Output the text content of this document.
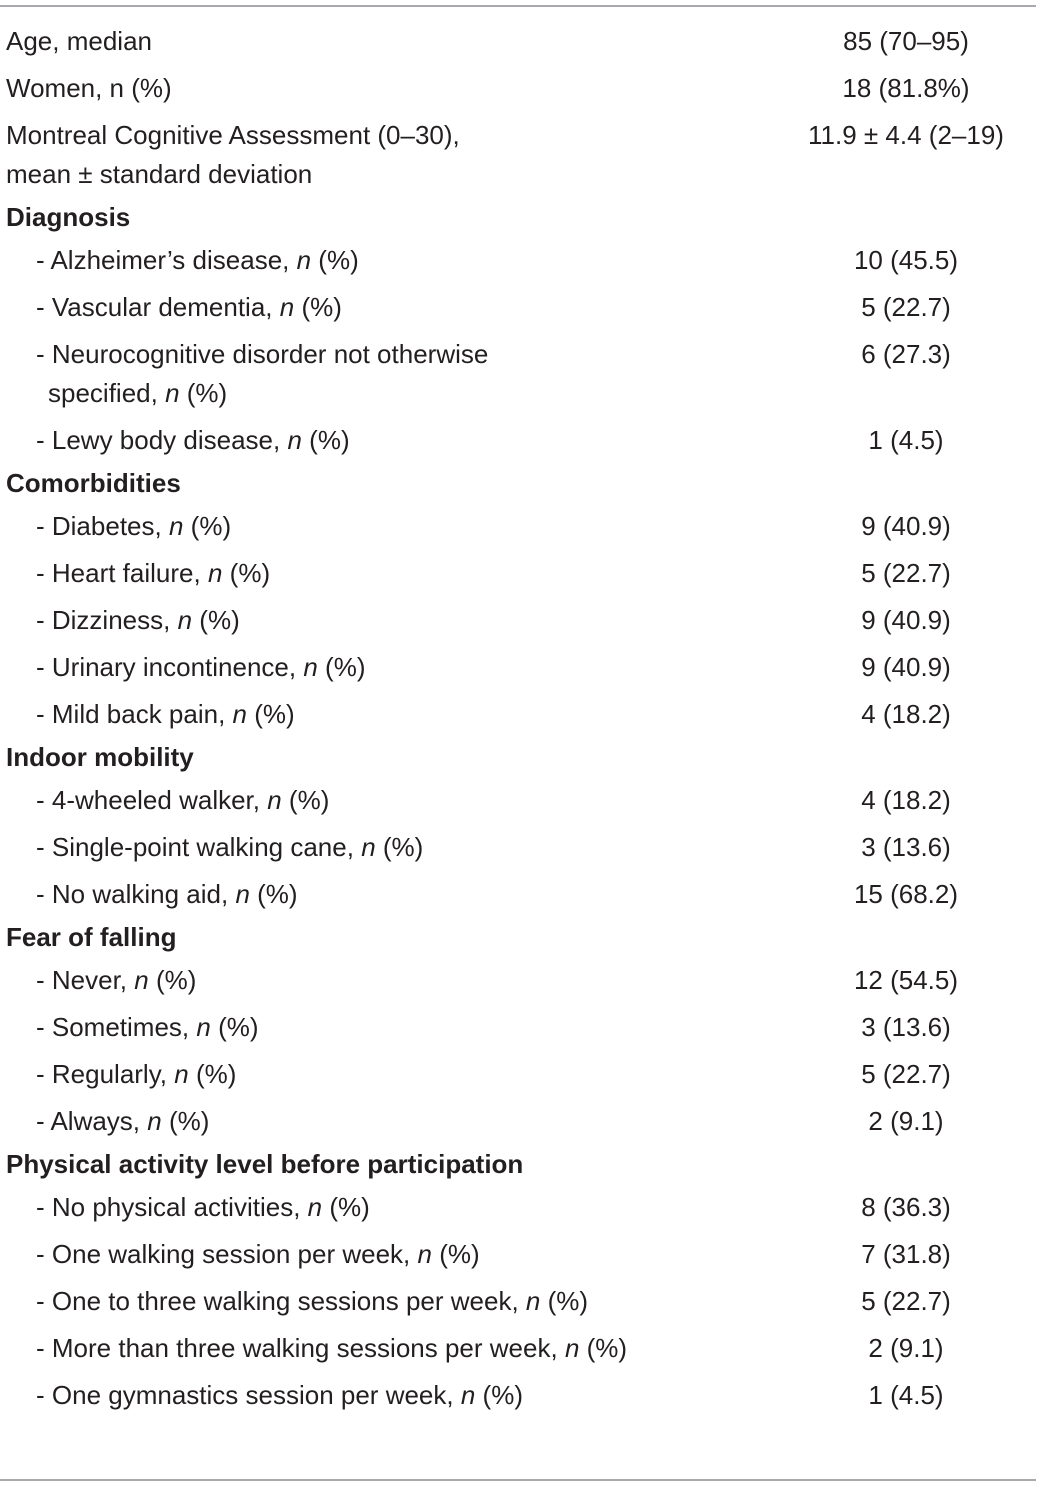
Age, median	85 (70–95)
Women, n (%)	18 (81.8%)

Montreal Cognitive Assessment (0–30),
mean ± standard deviation	11.9 ± 4.4 (2–19)
Diagnosis	
- Alzheimer’s disease, n (%)	10 (45.5)
- Vascular dementia, n (%)	5 (22.7)

- Neurocognitive disorder not otherwise
specified, n (%)	6 (27.3)
- Lewy body disease, n (%)	1 (4.5)
Comorbidities	
- Diabetes, n (%)	9 (40.9)
- Heart failure, n (%)	5 (22.7)
- Dizziness, n (%)	9 (40.9)
- Urinary incontinence, n (%)	9 (40.9)
- Mild back pain, n (%)	4 (18.2)
Indoor mobility	
- 4-wheeled walker, n (%)	4 (18.2)
- Single-point walking cane, n (%)	3 (13.6)
- No walking aid, n (%)	15 (68.2)
Fear of falling	
- Never, n (%)	12 (54.5)
- Sometimes, n (%)	3 (13.6)
- Regularly, n (%)	5 (22.7)
- Always, n (%)	2 (9.1)
Physical activity level before participation	
- No physical activities, n (%)	8 (36.3)
- One walking session per week, n (%)	7 (31.8)
- One to three walking sessions per week, n (%)	5 (22.7)
- More than three walking sessions per week, n (%)	2 (9.1)
- One gymnastics session per week, n (%)	1 (4.5)
